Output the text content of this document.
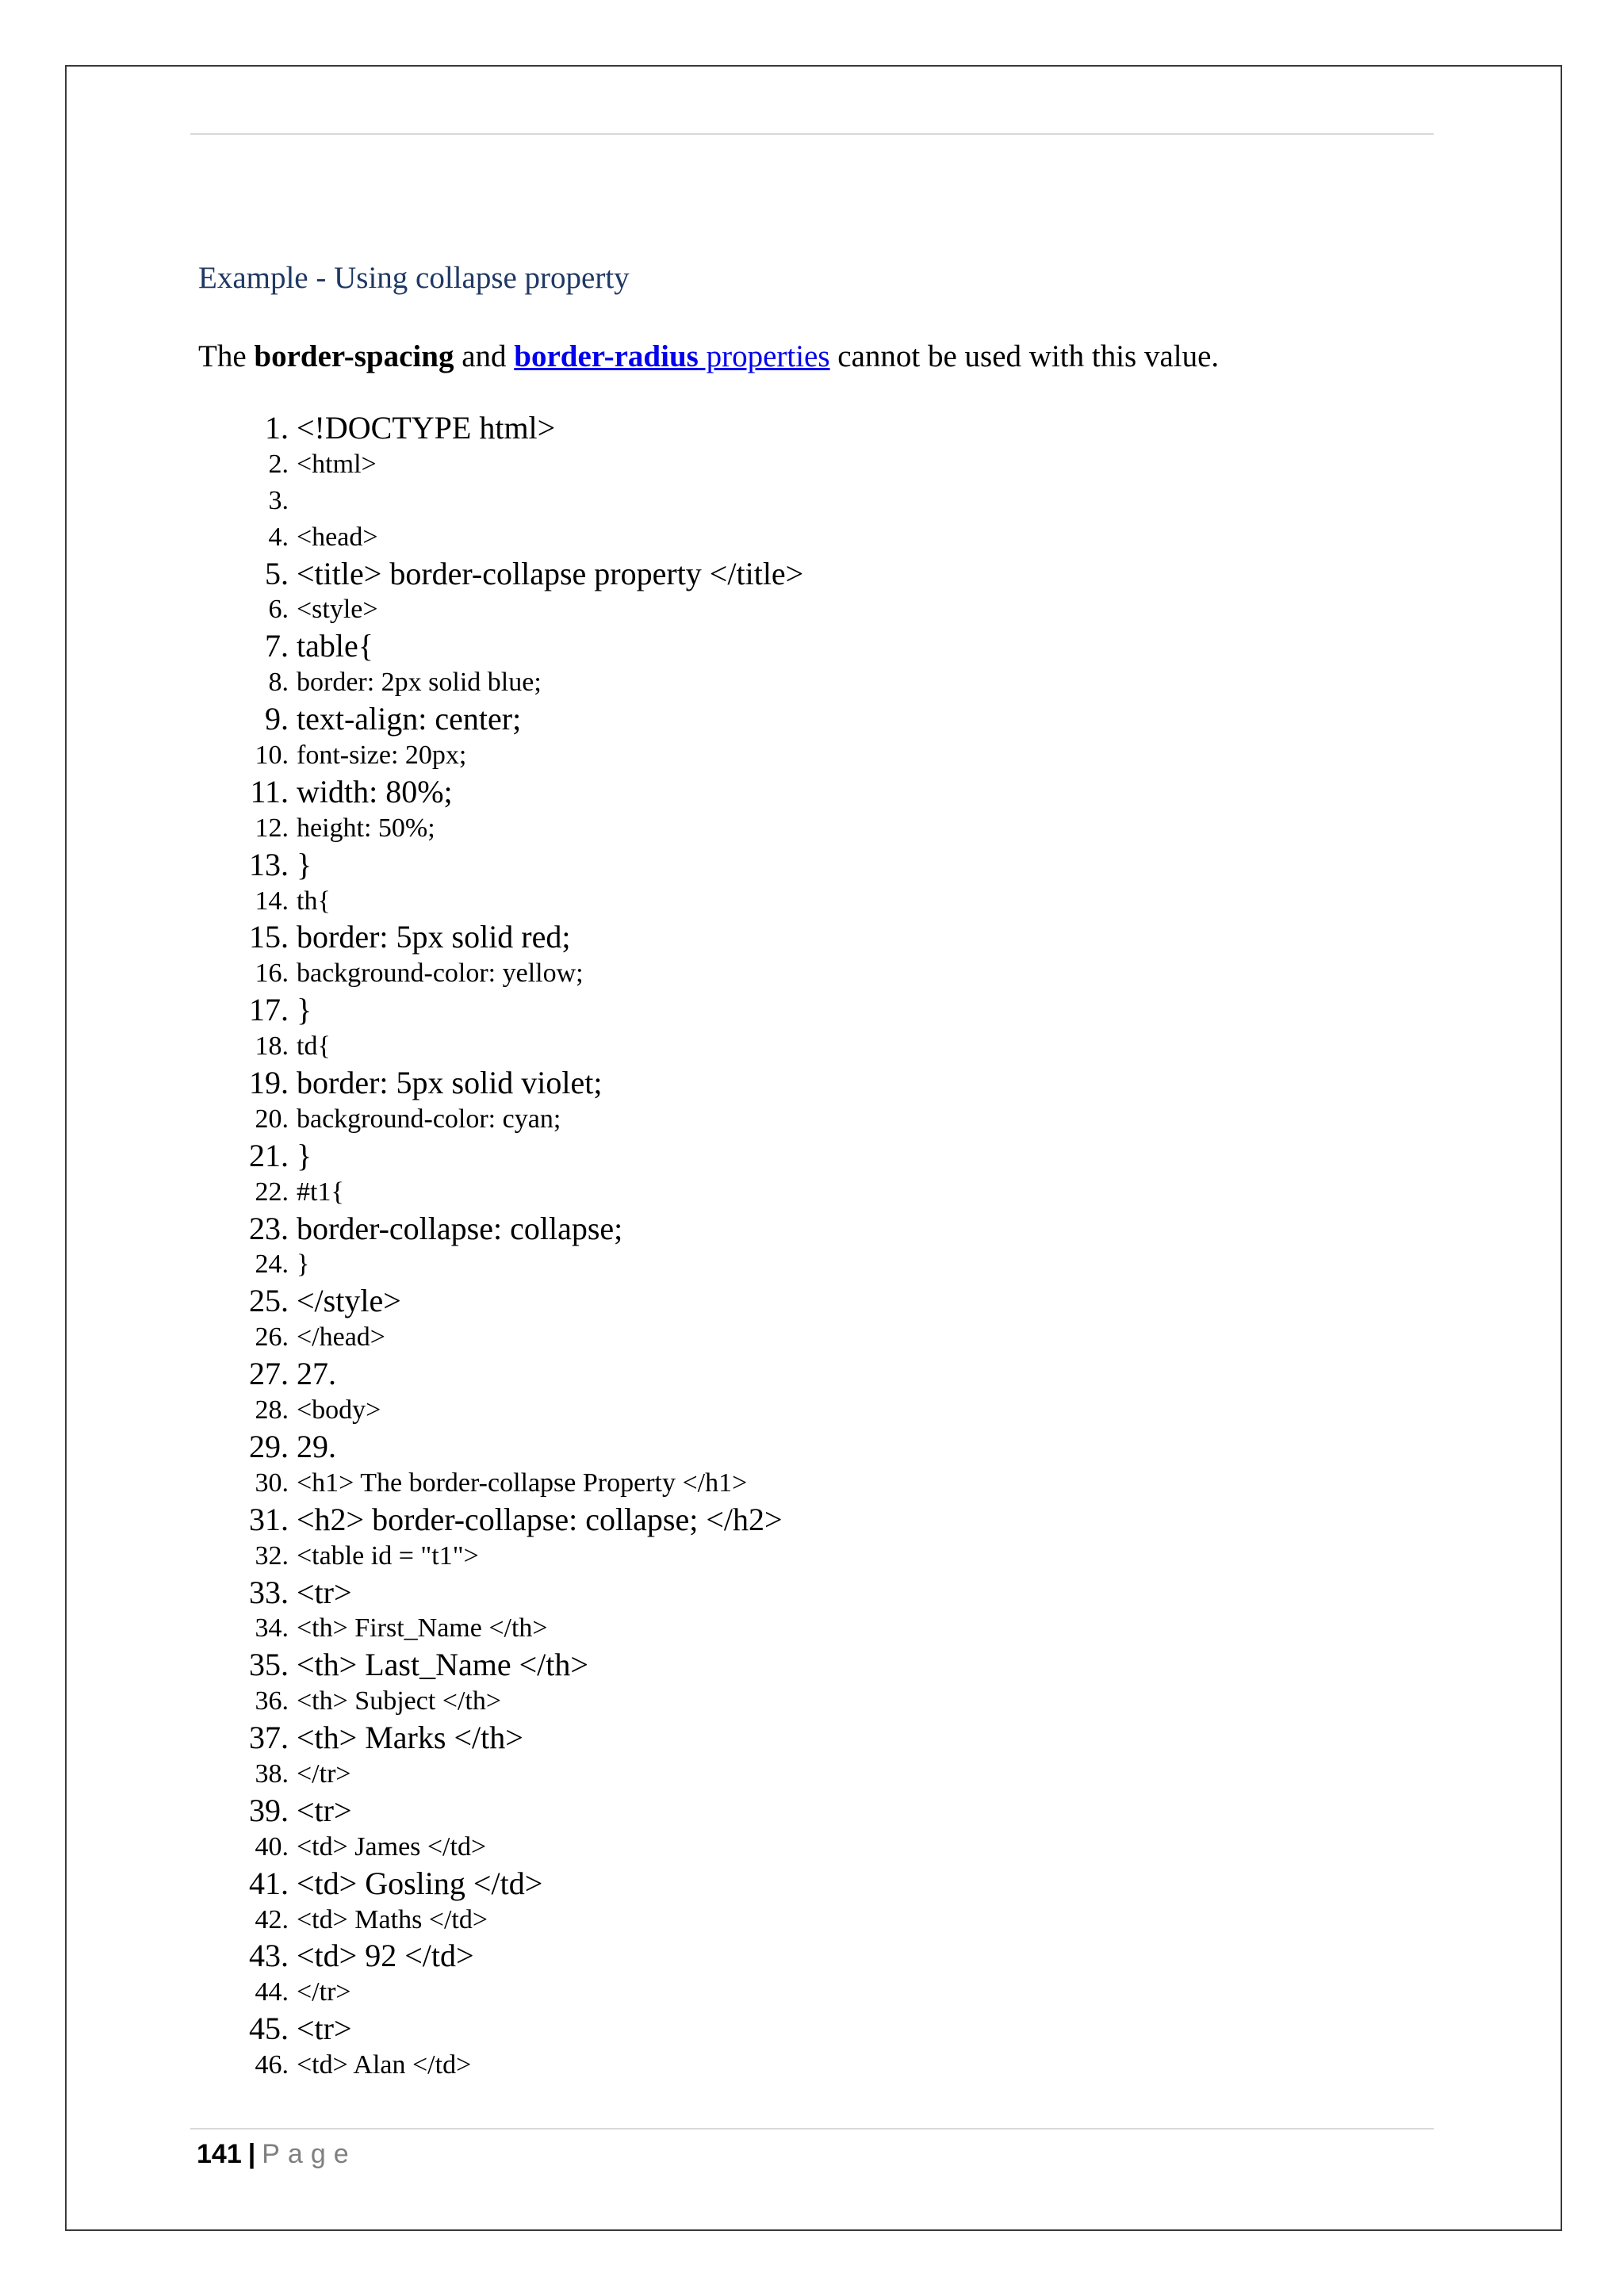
Example - Using collapse property
The border-spacing and border-radius properties cannot be used with this value.
1. <!DOCTYPE html>
2. <html>
3.
4. <head>
5. <title> border-collapse property </title>
6. <style>
7. table{
8. border: 2px solid blue;
9. text-align: center;
10. font-size: 20px;
11. width: 80%;
12. height: 50%;
13. }
14. th{
15. border: 5px solid red;
16. background-color: yellow;
17. }
18. td{
19. border: 5px solid violet;
20. background-color: cyan;
21. }
22. #t1{
23. border-collapse: collapse;
24. }
25. </style>
26. </head>
27. 27.
28. <body>
29. 29.
30. <h1> The border-collapse Property </h1>
31. <h2> border-collapse: collapse; </h2>
32. <table id = "t1">
33. <tr>
34. <th> First_Name </th>
35. <th> Last_Name </th>
36. <th> Subject </th>
37. <th> Marks </th>
38. </tr>
39. <tr>
40. <td> James </td>
41. <td> Gosling </td>
42. <td> Maths </td>
43. <td> 92 </td>
44. </tr>
45. <tr>
46. <td> Alan </td>
141 | Page
